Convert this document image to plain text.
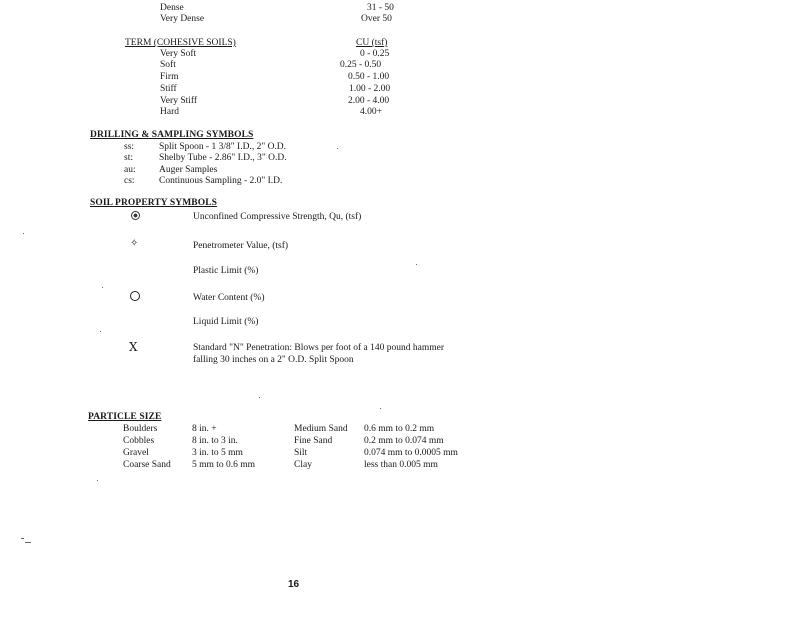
Dense	31 - 50
Very Dense	Over 50
TERM (COHESIVE SOILS)	CU (tsf)
Very Soft	0 - 0.25
Soft	0.25 - 0.50
Firm	0.50 - 1.00
Stiff	1.00 - 2.00
Very Stiff	2.00 - 4.00
Hard	4.00+
DRILLING & SAMPLING SYMBOLS
ss:	Split Spoon - 1 3/8" I.D., 2" O.D.
st:	Shelby Tube - 2.86" I.D., 3" O.D.
au: Auger Samples
cs:	Continuous Sampling - 2.0" I.D.
SOIL PROPERTY SYMBOLS
Unconfined Compressive Strength, Qu, (tsf)
✧	Penetrometer Value, (tsf)
Plastic Limit (%)
Water Content (%)
Liquid Limit (%)
X	Standard "N" Penetration: Blows per foot of a 140 pound hammer
falling 30 inches on a 2" O.D. Split Spoon
PARTICLE SIZE
Boulders	8 in. +	Medium Sand 0.6 mm to 0.2 mm
Cobbles	8 in. to 3 in.	Fine Sand	0.2 mm to 0.074 mm
Gravel	3 in. to 5 mm	Silt	0.074 mm to 0.0005 mm
Coarse Sand 5 mm to 0.6 mm	Clay	less than 0.005 mm
16
